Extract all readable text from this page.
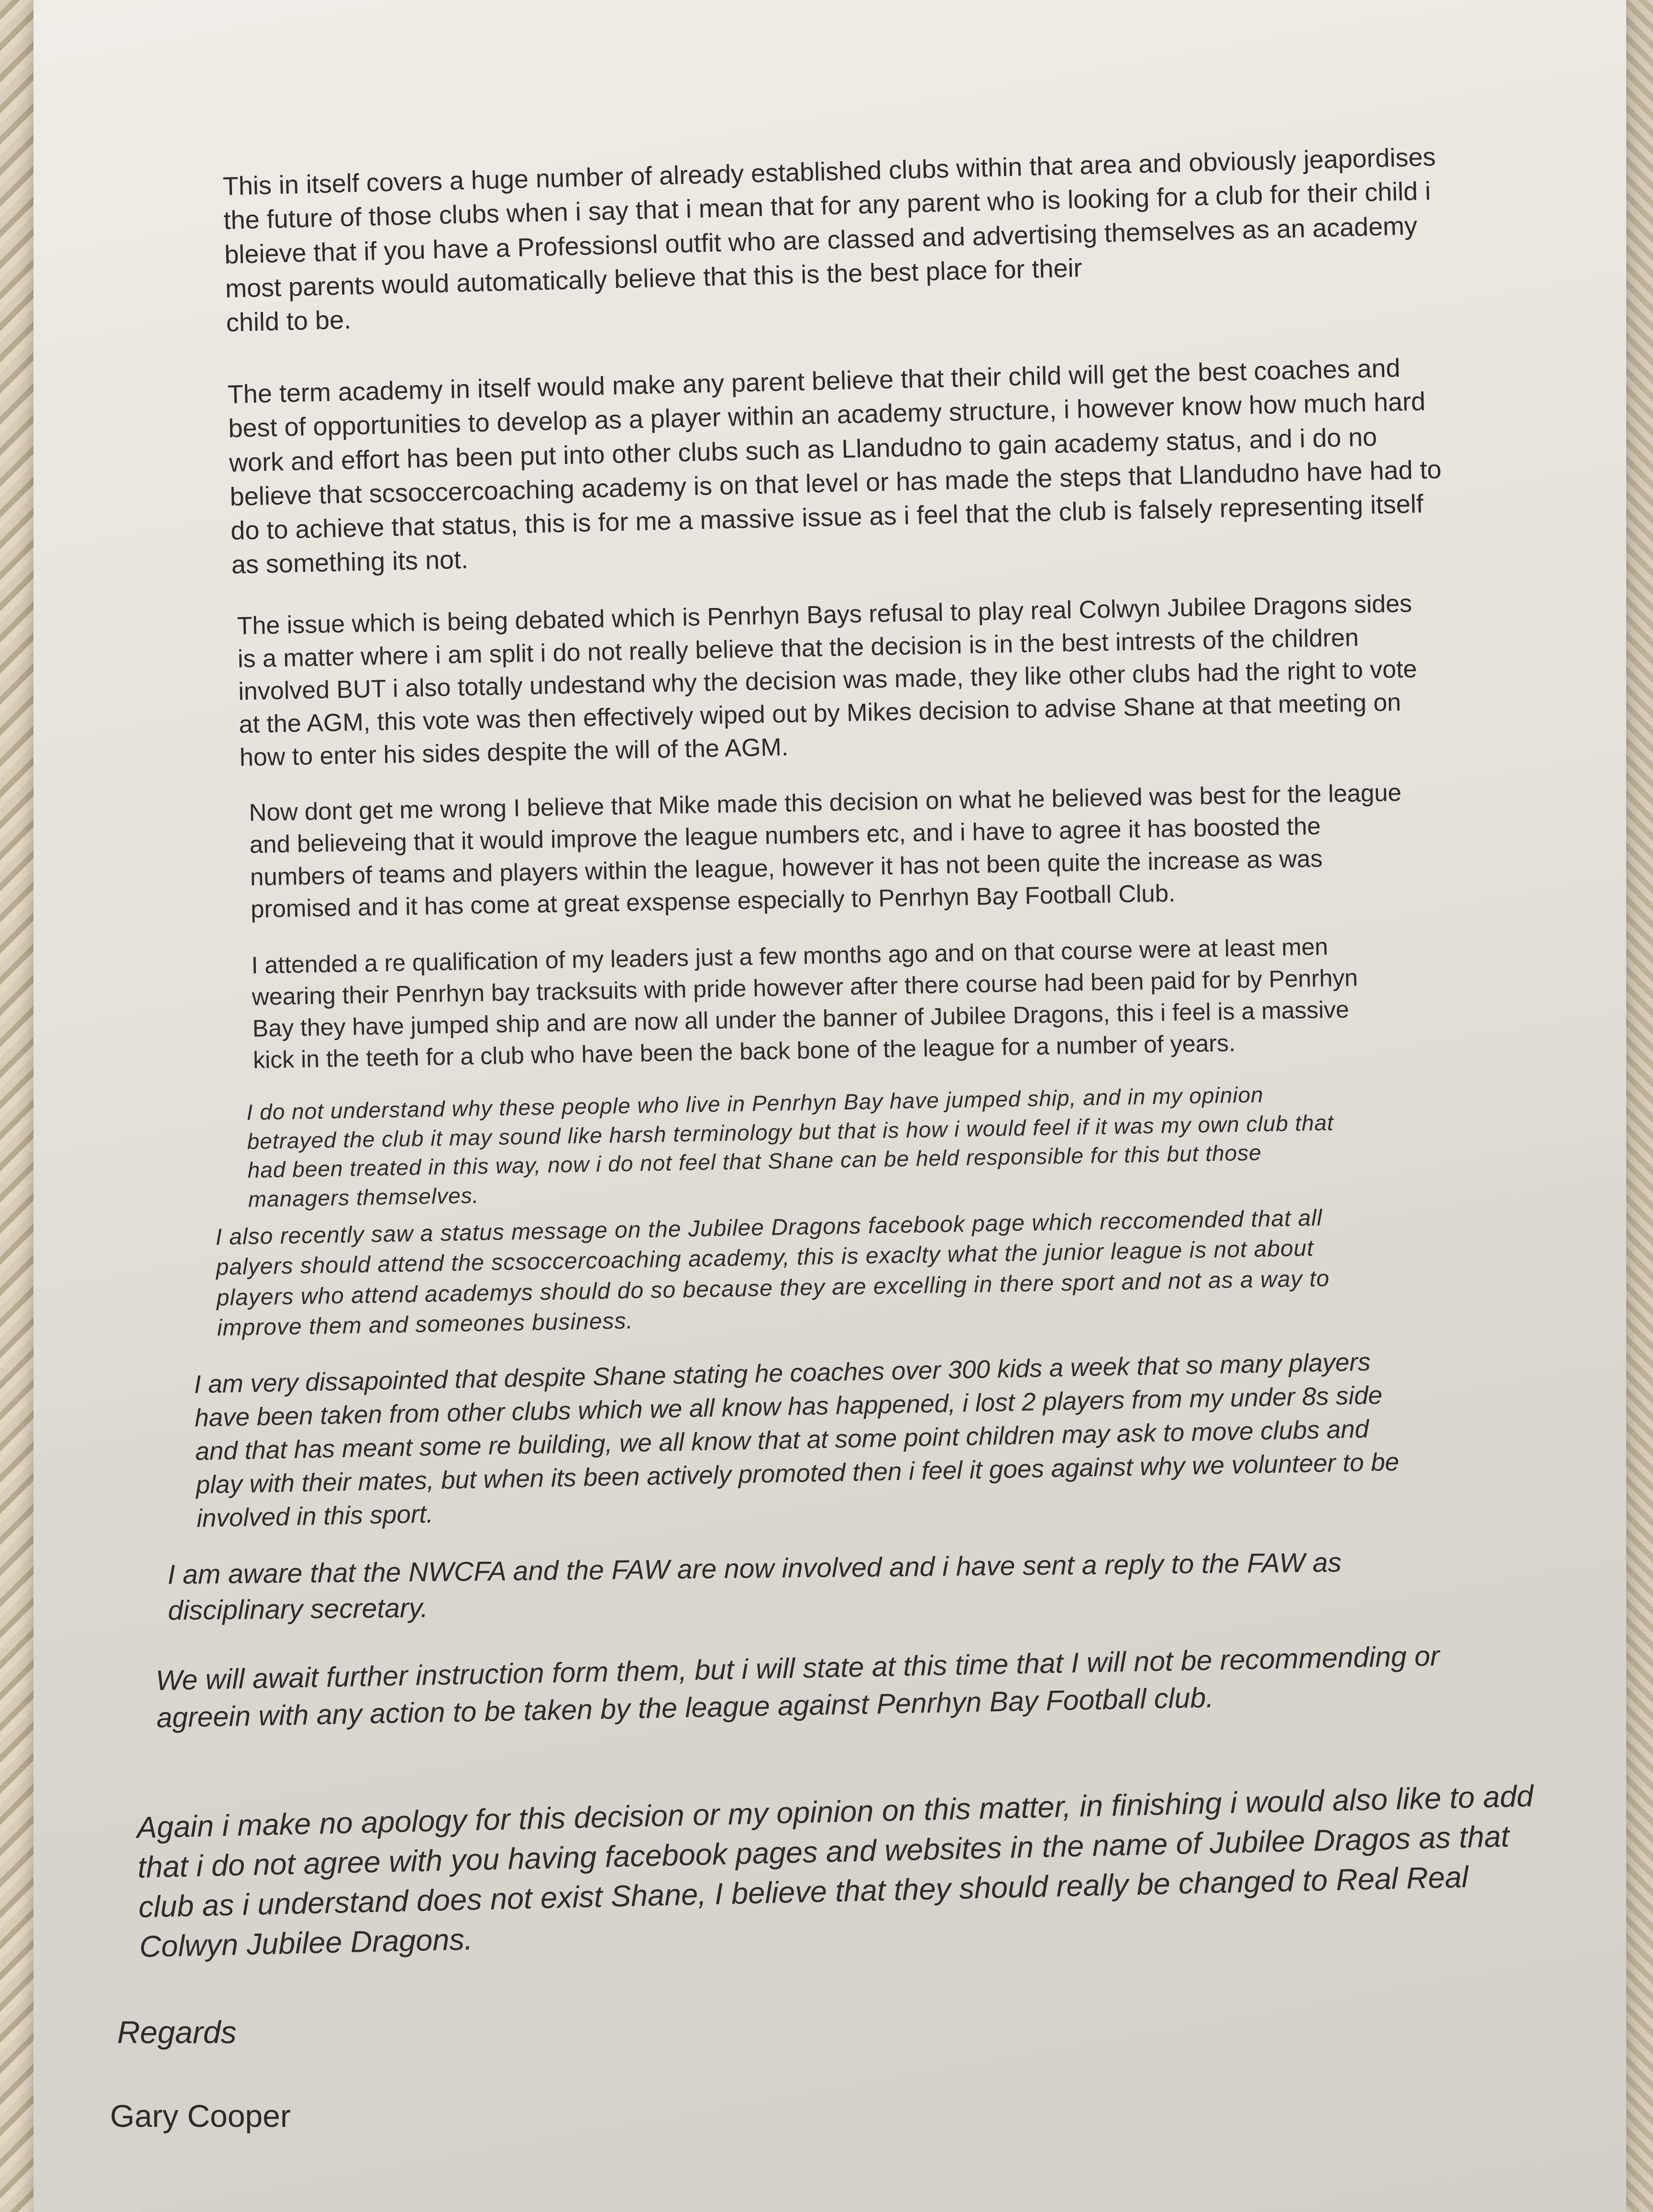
This in itself covers a huge number of already established clubs within that area and obviously jeapordises
the future of those clubs when i say that i mean that for any parent who is looking for a club for their child i
bleieve that if you have a Professionsl outfit who are classed and advertising themselves as an academy
most parents would automatically believe that this is the best place for their
child to be.

The term academy in itself would make any parent believe that their child will get the best coaches and
best of opportunities to develop as a player within an academy structure, i however know how much hard
work and effort has been put into other clubs such as Llandudno to gain academy status, and i do no
believe that scsoccercoaching academy is on that level or has made the steps that Llandudno have had to
do to achieve that status, this is for me a massive issue as i feel that the club is falsely representing itself
as something its not.

The issue which is being debated which is Penrhyn Bays refusal to play real Colwyn Jubilee Dragons sides
is a matter where i am split i do not really believe that the decision is in the best intrests of the children
involved BUT i also totally undestand why the decision was made, they like other clubs had the right to vote
at the AGM, this vote was then effectively wiped out by Mikes decision to advise Shane at that meeting on
how to enter his sides despite the will of the AGM.

Now dont get me wrong I believe that Mike made this decision on what he believed was best for the league
and believeing that it would improve the league numbers etc, and i have to agree it has boosted the
numbers of teams and players within the league, however it has not been quite the increase as was
promised and it has come at great exspense especially to Penrhyn Bay Football Club.

I attended a re qualification of my leaders just a few months ago and on that course were at least men
wearing their Penrhyn bay tracksuits with pride however after there course had been paid for by Penrhyn
Bay they have jumped ship and are now all under the banner of Jubilee Dragons, this i feel is a massive
kick in the teeth for a club who have been the back bone of the league for a number of years.

I do not understand why these people who live in Penrhyn Bay have jumped ship, and in my opinion
betrayed the club it may sound like harsh terminology but that is how i would feel if it was my own club that
had been treated in this way, now i do not feel that Shane can be held responsible for this but those
managers themselves.

I also recently saw a status message on the Jubilee Dragons facebook page which reccomended that all
palyers should attend the scsoccercoaching academy, this is exaclty what the junior league is not about
players who attend academys should do so because they are excelling in there sport and not as a way to
improve them and someones business.

I am very dissapointed that despite Shane stating he coaches over 300 kids a week that so many players
have been taken from other clubs which we all know has happened, i lost 2 players from my under 8s side
and that has meant some re building, we all know that at some point children may ask to move clubs and
play with their mates, but when its been actively promoted then i feel it goes against why we volunteer to be
involved in this sport.

I am aware that the NWCFA and the FAW are now involved and i have sent a reply to the FAW as
disciplinary secretary.

We will await further instruction form them, but i will state at this time that I will not be recommending or
agreein with any action to be taken by the league against Penrhyn Bay Football club.

Again i make no apology for this decision or my opinion on this matter, in finishing i would also like to add
that i do not agree with you having facebook pages and websites in the name of Jubilee Dragos as that
club as i understand does not exist Shane, I believe that they should really be changed to Real Real
Colwyn Jubilee Dragons.

Regards

Gary Cooper
